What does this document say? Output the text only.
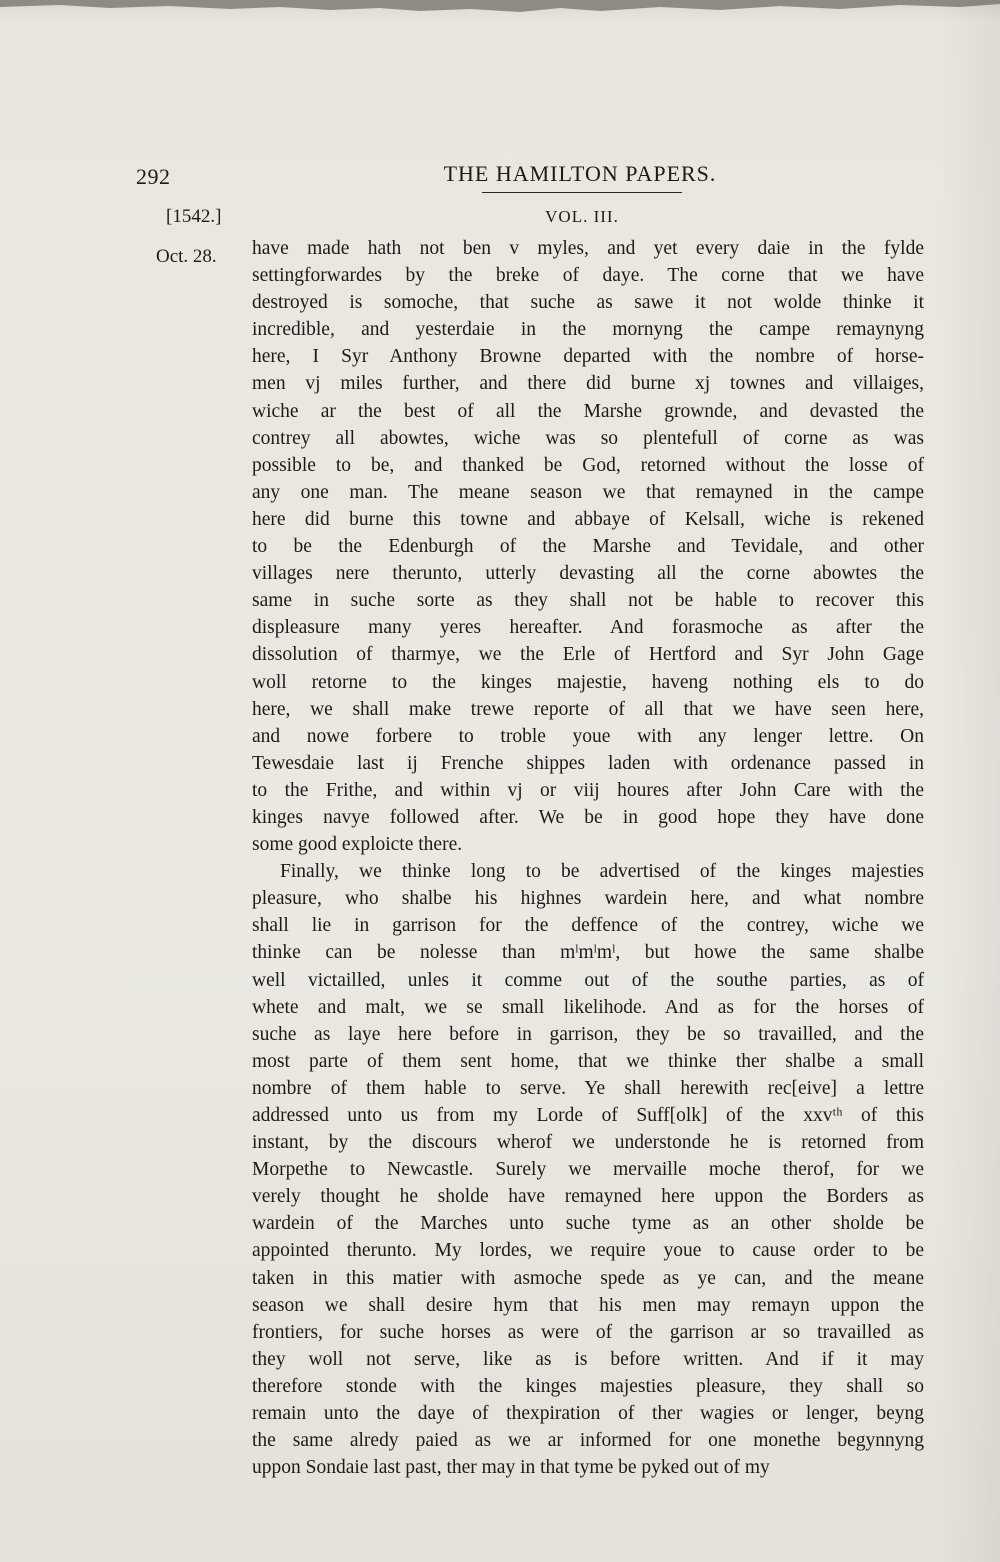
292	THE HAMILTON PAPERS.
[1542.]	VOL. III.
Oct. 28. have made hath not ben v myles, and yet every daie in the fylde
settingforwardes by the breke of daye. The corne that we have
destroyed is somoche, that suche as sawe it not wolde thinke it
incredible, and yesterdaie in the mornyng the campe remaynyng
here, I Syr Anthony Browne departed with the nombre of horse-
men vj miles further, and there did burne xj townes and villaiges,
wiche ar the best of all the Marshe grownde, and devasted the
contrey all abowtes, wiche was so plentefull of corne as was
possible to be, and thanked be God, retorned without the losse of
any one man. The meane season we that remayned in the campe
here did burne this towne and abbaye of Kelsall, wiche is rekened
to be the Edenburgh of the Marshe and Tevidale, and other
villages nere therunto, utterly devasting all the corne abowtes the
same in suche sorte as they shall not be hable to recover this
displeasure many yeres hereafter. And forasmoche as after the
dissolution of tharmye, we the Erle of Hertford and Syr John Gage
woll retorne to the kinges majestie, haveng nothing els to do
here, we shall make trewe reporte of all that we have seen here,
and nowe forbere to troble youe with any lenger lettre. On
Tewesdaie last ij Frenche shippes laden with ordenance passed in
to the Frithe, and within vj or viij houres after John Care with the
kinges navye followed after. We be in good hope they have done
some good exploicte there.
Finally, we thinke long to be advertised of the kinges majesties
pleasure, who shalbe his highnes wardein here, and what nombre
shall lie in garrison for the deffence of the contrey, wiche we
thinke can be nolesse than mˡmˡmˡ, but howe the same shalbe
well victailled, unles it comme out of the southe parties, as of
whete and malt, we se small likelihode. And as for the horses of
suche as laye here before in garrison, they be so travailled, and the
most parte of them sent home, that we thinke ther shalbe a small
nombre of them hable to serve. Ye shall herewith rec[eive] a lettre
addressed unto us from my Lorde of Suff[olk] of the xxvᵗʰ of this
instant, by the discours wherof we understonde he is retorned from
Morpethe to Newcastle. Surely we mervaille moche therof, for we
verely thought he sholde have remayned here uppon the Borders as
wardein of the Marches unto suche tyme as an other sholde be
appointed therunto. My lordes, we require youe to cause order to be
taken in this matier with asmoche spede as ye can, and the meane
season we shall desire hym that his men may remayn uppon the
frontiers, for suche horses as were of the garrison ar so travailled as
they woll not serve, like as is before written. And if it may
therefore stonde with the kinges majesties pleasure, they shall so
remain unto the daye of thexpiration of ther wagies or lenger, beyng
the same alredy paied as we ar informed for one monethe begynnyng
uppon Sondaie last past, ther may in that tyme be pyked out of my
